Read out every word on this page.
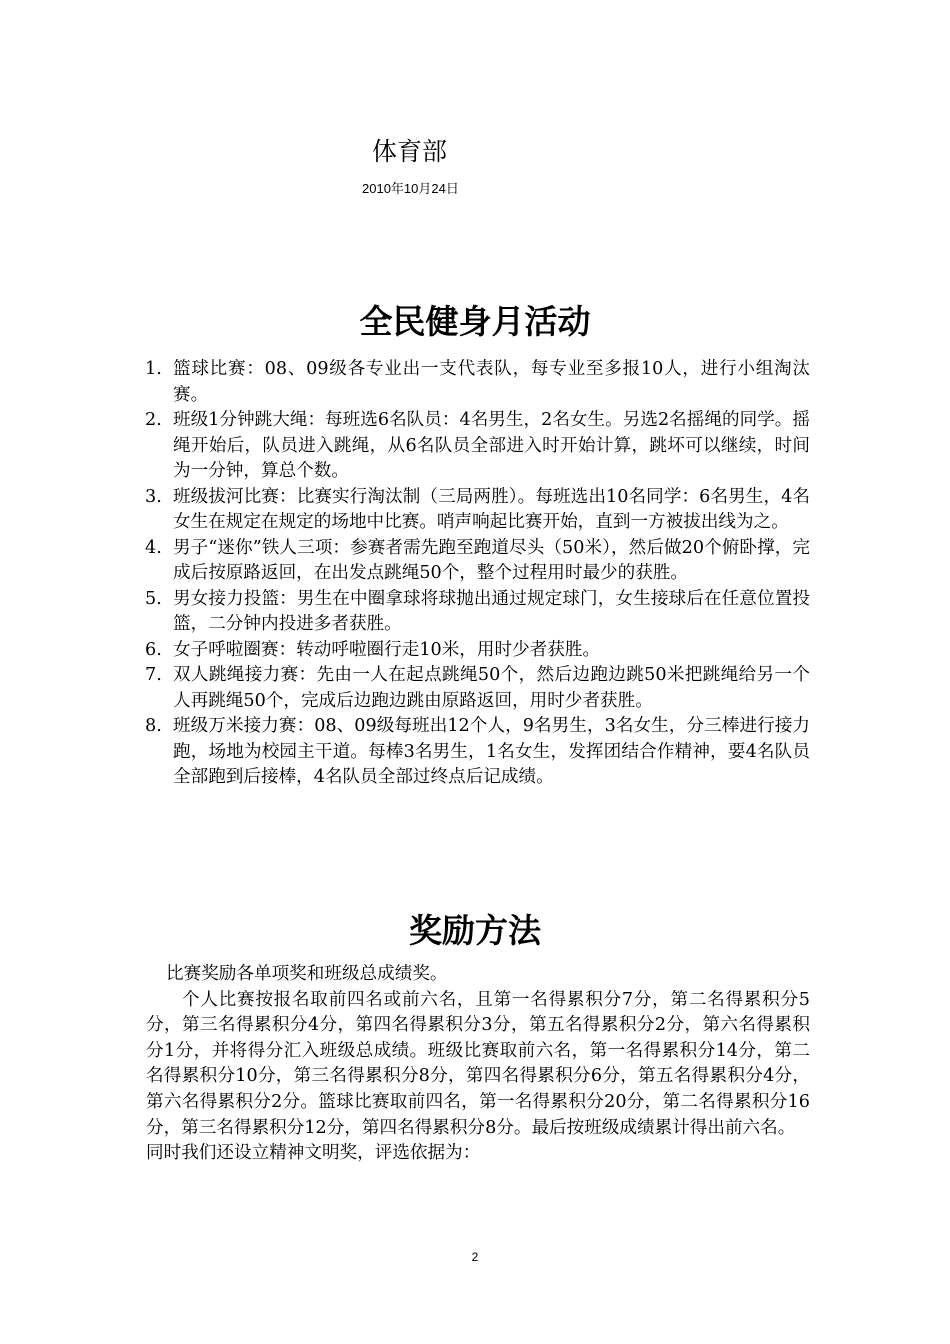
体育部
2010年10月24日
全民健身月活动
1. 篮球比赛：08、09级各专业出一支代表队，每专业至多报10人，进行小组淘汰赛。
2. 班级1分钟跳大绳：每班选6名队员：4名男生，2名女生。另选2名摇绳的同学。摇绳开始后，队员进入跳绳，从6名队员全部进入时开始计算，跳坏可以继续，时间为一分钟，算总个数。
3. 班级拔河比赛：比赛实行淘汰制（三局两胜）。每班选出10名同学：6名男生，4名女生在规定在规定的场地中比赛。哨声响起比赛开始，直到一方被拔出线为之。
4. 男子“迷你”铁人三项：参赛者需先跑至跑道尽头（50米），然后做20个俯卧撑，完成后按原路返回，在出发点跳绳50个，整个过程用时最少的获胜。
5. 男女接力投篮：男生在中圈拿球将球抛出通过规定球门，女生接球后在任意位置投篮，二分钟内投进多者获胜。
6. 女子呼啦圈赛：转动呼啦圈行走10米，用时少者获胜。
7. 双人跳绳接力赛：先由一人在起点跳绳50个，然后边跑边跳50米把跳绳给另一个人再跳绳50个，完成后边跑边跳由原路返回，用时少者获胜。
8. 班级万米接力赛：08、09级每班出12个人，9名男生，3名女生，分三棒进行接力跑，场地为校园主干道。每棒3名男生，1名女生，发挥团结合作精神，要4名队员全部跑到后接棒，4名队员全部过终点后记成绩。
奖励方法

比赛奖励各单项奖和班级总成绩奖。

个人比赛按报名取前四名或前六名，且第一名得累积分7分，第二名得累积分5分，第三名得累积分4分，第四名得累积分3分，第五名得累积分2分，第六名得累积分1分，并将得分汇入班级总成绩。班级比赛取前六名，第一名得累积分14分，第二名得累积分10分，第三名得累积分8分，第四名得累积分6分，第五名得累积分4分，第六名得累积分2分。篮球比赛取前四名，第一名得累积分20分，第二名得累积分16分，第三名得累积分12分，第四名得累积分8分。最后按班级成绩累计得出前六名。

同时我们还设立精神文明奖，评选依据为：

2
